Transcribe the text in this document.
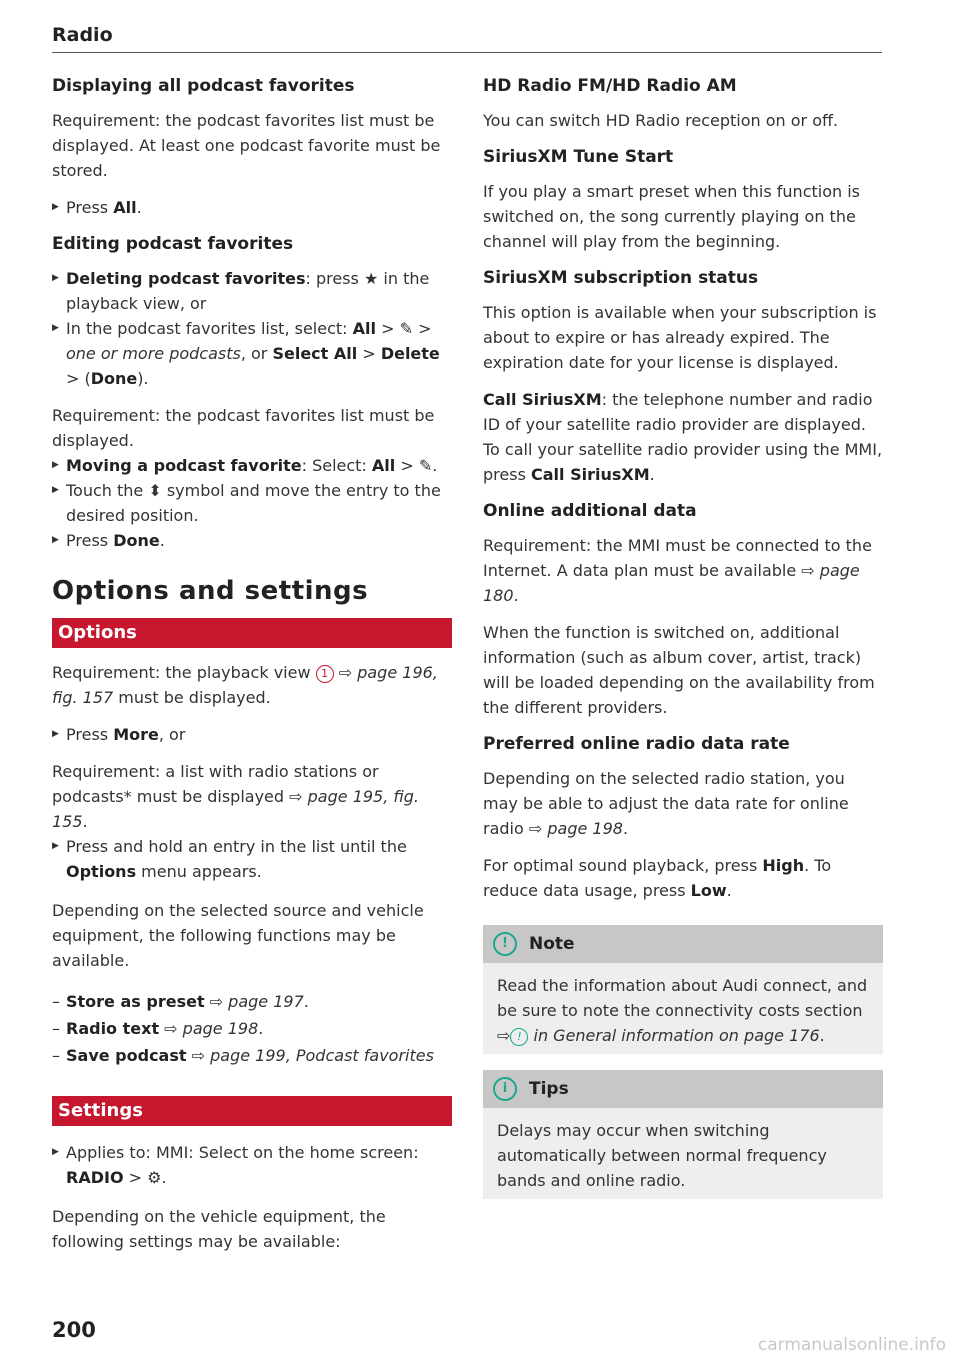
Radio
Displaying all podcast favorites

Requirement: the podcast favorites list must be displayed. At least one podcast favorite must be stored.

▶ Press All.

Editing podcast favorites

▶ Deleting podcast favorites: press ★ in the playback view, or

▶ In the podcast favorites list, select: All > ✎ > one or more podcasts, or Select All > Delete > (Done).

Requirement: the podcast favorites list must be displayed.

▶ Moving a podcast favorite: Select: All > ✎.

▶ Touch the ⬍ symbol and move the entry to the desired position.

▶ Press Done.

Options and settings

Options

Requirement: the playback view 1 ⇨ page 196, fig. 157 must be displayed.

▶ Press More, or

Requirement: a list with radio stations or podcasts* must be displayed ⇨ page 195, fig. 155.

▶ Press and hold an entry in the list until the Options menu appears.

Depending on the selected source and vehicle equipment, the following functions may be available.

– Store as preset ⇨ page 197.

– Radio text ⇨ page 198.

– Save podcast ⇨ page 199, Podcast favorites

Settings

▶ Applies to: MMI: Select on the home screen:
RADIO > ⚙.

Depending on the vehicle equipment, the following settings may be available:

HD Radio FM/HD Radio AM

You can switch HD Radio reception on or off.

SiriusXM Tune Start

If you play a smart preset when this function is switched on, the song currently playing on the channel will play from the beginning.

SiriusXM subscription status

This option is available when your subscription is about to expire or has already expired. The expiration date for your license is displayed.

Call SiriusXM: the telephone number and radio ID of your satellite radio provider are displayed. To call your satellite radio provider using the MMI, press Call SiriusXM.

Online additional data

Requirement: the MMI must be connected to the Internet. A data plan must be available ⇨ page 180.

When the function is switched on, additional information (such as album cover, artist, track) will be loaded depending on the availability from the different providers.

Preferred online radio data rate

Depending on the selected radio station, you may be able to adjust the data rate for online radio ⇨ page 198.

For optimal sound playback, press High. To reduce data usage, press Low.

!	Note

Read the information about Audi connect, and be sure to note the connectivity costs section ⇨ ! in General information on page 176.

i	Tips

Delays may occur when switching automatically between normal frequency bands and online radio.

200
carmanualsonline.info
